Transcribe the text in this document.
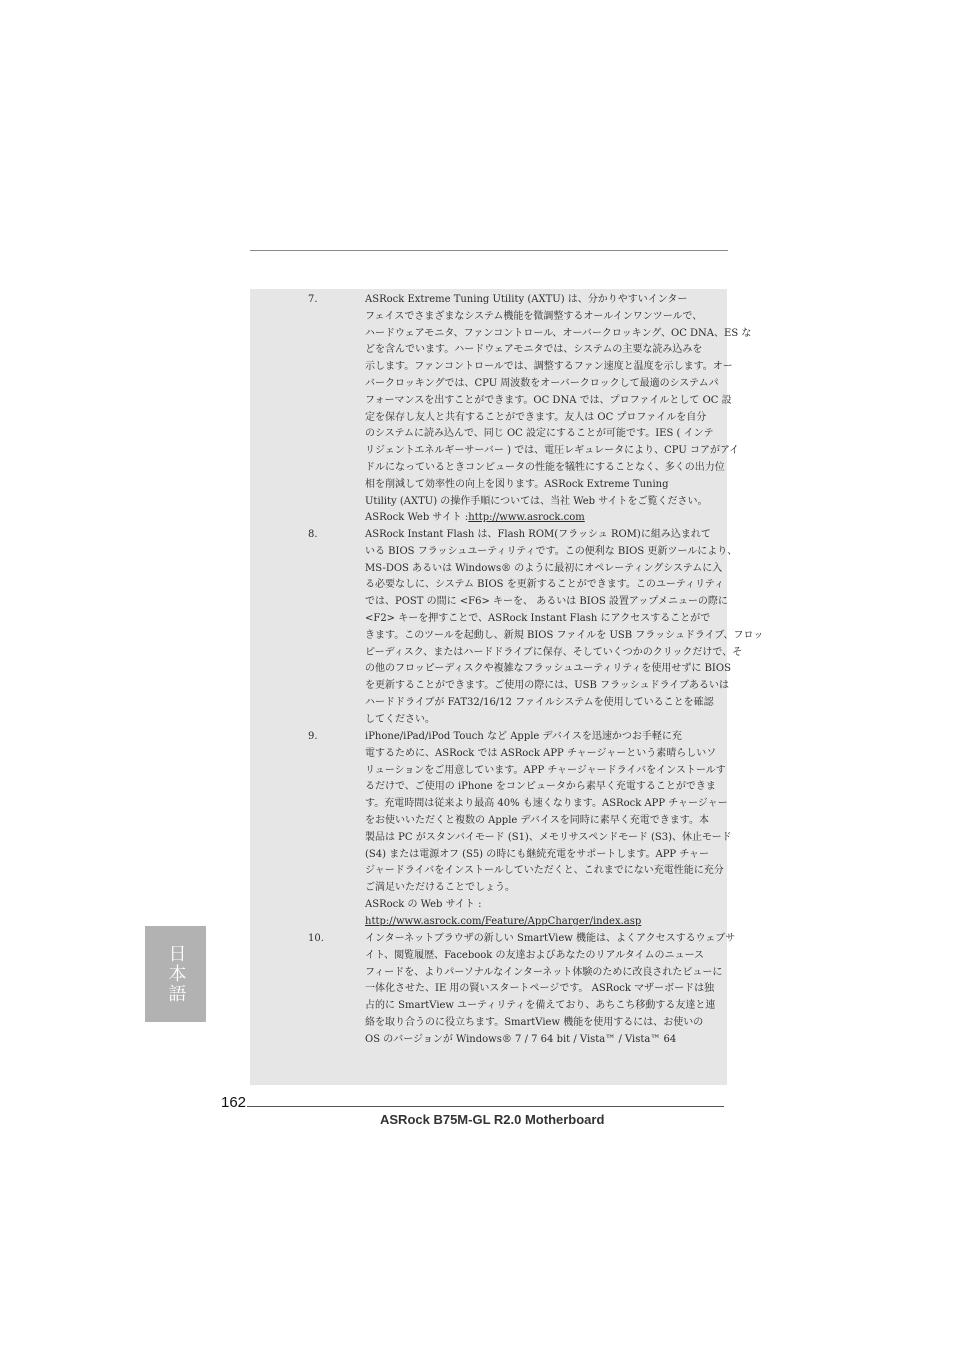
7.	ASRock Extreme Tuning Utility (AXTU) は、分かりやすいインター
フェイスでさまざまなシステム機能を微調整するオールインワンツールで、
ハードウェアモニタ、ファンコントロール、オーバークロッキング、OC DNA、ES な
どを含んでいます。ハードウェアモニタでは、システムの主要な読み込みを
示します。ファンコントロールでは、調整するファン速度と温度を示します。オー
バークロッキングでは、CPU 周波数をオーバークロックして最適のシステムパ
フォーマンスを出すことができます。OC DNA では、プロファイルとして OC 設
定を保存し友人と共有することができます。友人は OC プロファイルを自分
のシステムに読み込んで、同じ OC 設定にすることが可能です。IES ( インテ
リジェントエネルギーサーバー ) では、電圧レギュレータにより、CPU コアがアイ
ドルになっているときコンピュータの性能を犠牲にすることなく、多くの出力位
相を削減して効率性の向上を図ります。ASRock Extreme Tuning
Utility (AXTU) の操作手順については、当社 Web サイトをご覧ください。
ASRock Web サイト :http://www.asrock.com
8.	ASRock Instant Flash は、Flash ROM(フラッシュ ROM)に組み込まれて
いる BIOS フラッシュユーティリティです。この便利な BIOS 更新ツールにより、
MS-DOS あるいは Windows® のように最初にオペレーティングシステムに入
る必要なしに、システム BIOS を更新することができます。このユーティリティ
では、POST の間に <F6> キーを、 あるいは BIOS 設置アップメニューの際に
<F2> キーを押すことで、ASRock Instant Flash にアクセスすることがで
きます。このツールを起動し、新規 BIOS ファイルを USB フラッシュドライブ、フロッ
ピーディスク、またはハードドライブに保存、そしていくつかのクリックだけで、そ
の他のフロッピーディスクや複雑なフラッシュユーティリティを使用せずに BIOS
を更新することができます。ご使用の際には、USB フラッシュドライブあるいは
ハードドライブが FAT32/16/12 ファイルシステムを使用していることを確認
してください。
9.	iPhone/iPad/iPod Touch など Apple デバイスを迅速かつお手軽に充
電するために、ASRock では ASRock APP チャージャーという素晴らしいソ
リューションをご用意しています。APP チャージャードライバをインストールす
るだけで、ご使用の iPhone をコンピュータから素早く充電することができま
す。充電時間は従来より最高 40% も速くなります。ASRock APP チャージャー
をお使いいただくと複数の Apple デバイスを同時に素早く充電できます。本
製品は PC がスタンバイモード (S1)、メモリサスペンドモード (S3)、休止モード
(S4) または電源オフ (S5) の時にも継続充電をサポートします。APP チャー
ジャードライバをインストールしていただくと、これまでにない充電性能に充分
ご満足いただけることでしょう。
ASRock の Web サイト :
http://www.asrock.com/Feature/AppCharger/index.asp
10.	インターネットブラウザの新しい SmartView 機能は、よくアクセスするウェブサ
イト、閲覧履歴、Facebook の友達およびあなたのリアルタイムのニュース
フィードを、よりパーソナルなインターネット体験のために改良されたビューに
一体化させた、IE 用の賢いスタートページです。 ASRock マザーボードは独
占的に SmartView ユーティリティを備えており、あちこち移動する友達と連
絡を取り合うのに役立ちます。SmartView 機能を使用するには、お使いの
OS のバージョンが Windows® 7 / 7 64 bit / Vista™ / Vista™ 64
日本語
162
ASRock B75M-GL R2.0 Motherboard
